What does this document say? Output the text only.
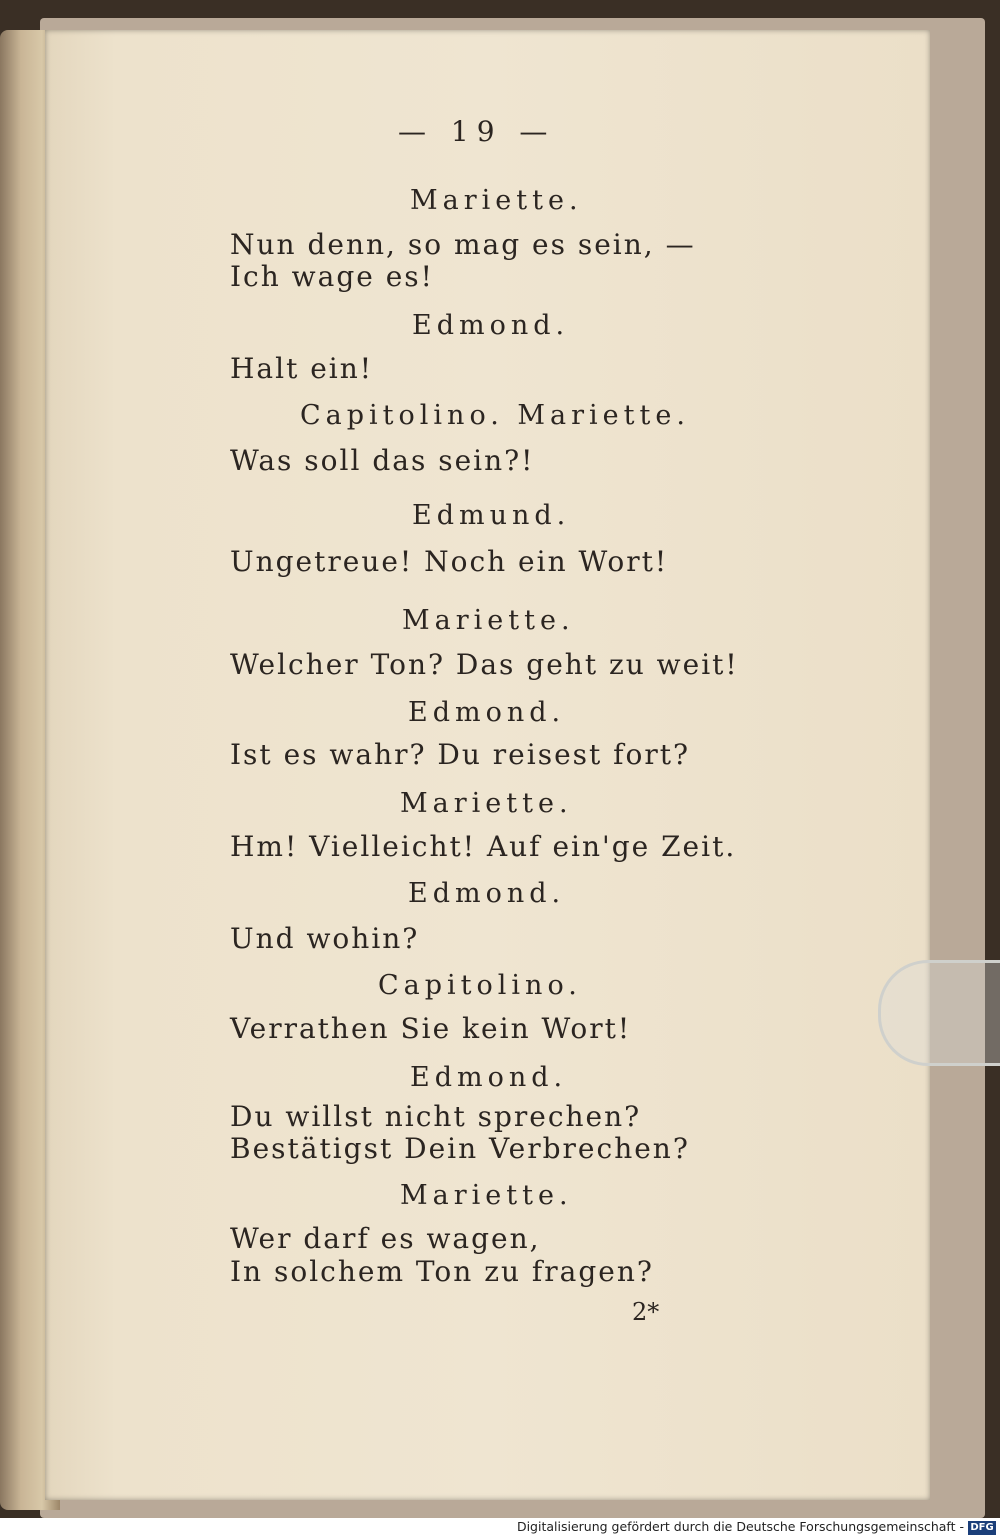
— 19 —
Mariette.
Nun denn, so mag es sein, —
Ich wage es!
Edmond.
Halt ein!
Capitolino. Mariette.
Was soll das sein?!
Edmund.
Ungetreue! Noch ein Wort!
Mariette.
Welcher Ton? Das geht zu weit!
Edmond.
Ist es wahr? Du reisest fort?
Mariette.
Hm! Vielleicht! Auf ein'ge Zeit.
Edmond.
Und wohin?
Capitolino.
Verrathen Sie kein Wort!
Edmond.
Du willst nicht sprechen?
Bestätigst Dein Verbrechen?
Mariette.
Wer darf es wagen,
In solchem Ton zu fragen?
2*
Digitalisierung gefördert durch die Deutsche Forschungsgemeinschaft - DFG
